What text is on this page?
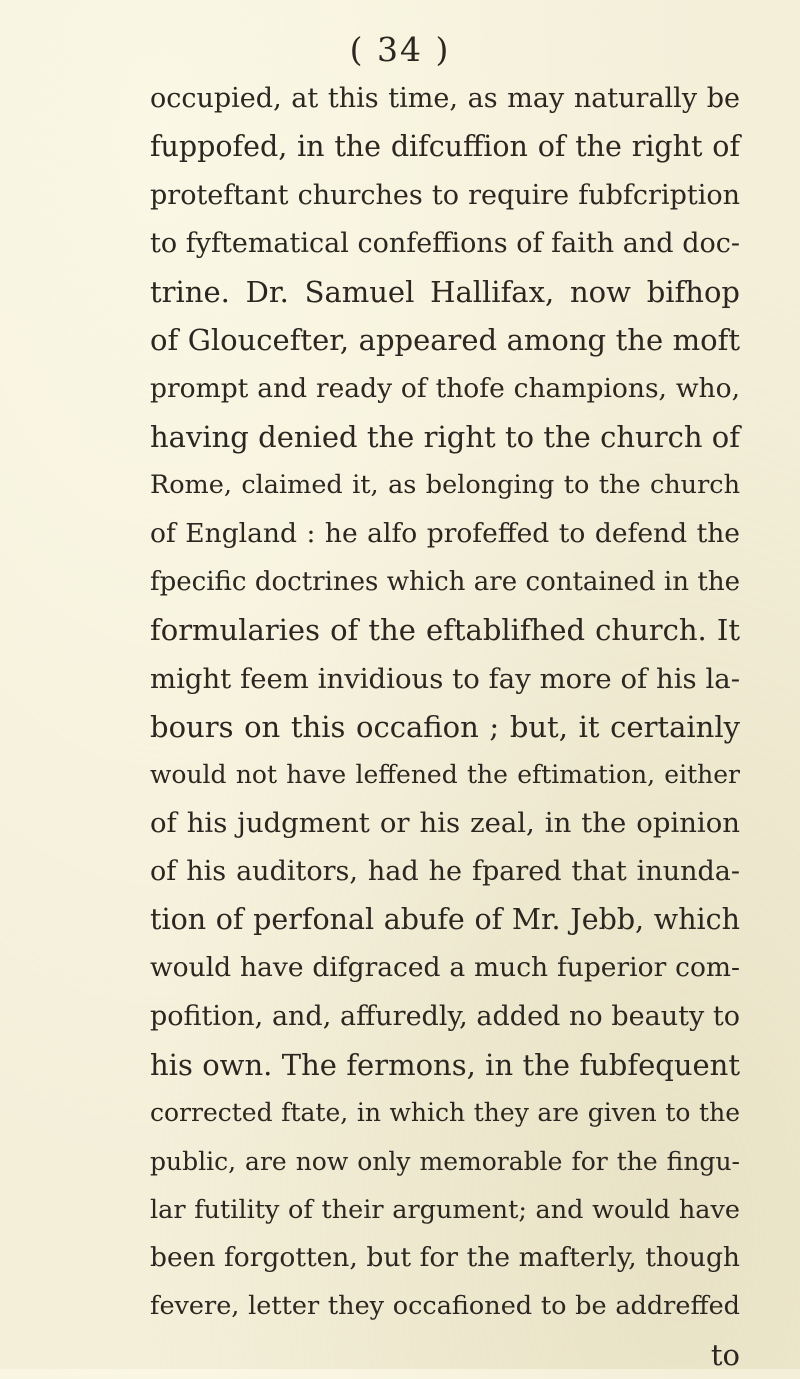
( 34 )
occupied, at this time, as may naturally be
fuppofed, in the difcuffion of the right of
proteftant churches to require fubfcription
to fyftematical confeffions of faith and doc-
trine. Dr. Samuel Hallifax, now bifhop
of Gloucefter, appeared among the moft
prompt and ready of thofe champions, who,
having denied the right to the church of
Rome, claimed it, as belonging to the church
of England : he alfo profeffed to defend the
fpecific doctrines which are contained in the
formularies of the eftablifhed church. It
might feem invidious to fay more of his la-
bours on this occafion ; but, it certainly
would not have leffened the eftimation, either
of his judgment or his zeal, in the opinion
of his auditors, had he fpared that inunda-
tion of perfonal abufe of Mr. Jebb, which
would have difgraced a much fuperior com-
pofition, and, affuredly, added no beauty to
his own. The fermons, in the fubfequent
corrected ftate, in which they are given to the
public, are now only memorable for the fingu-
lar futility of their argument; and would have
been forgotten, but for the mafterly, though
fevere, letter they occafioned to be addreffed
to
